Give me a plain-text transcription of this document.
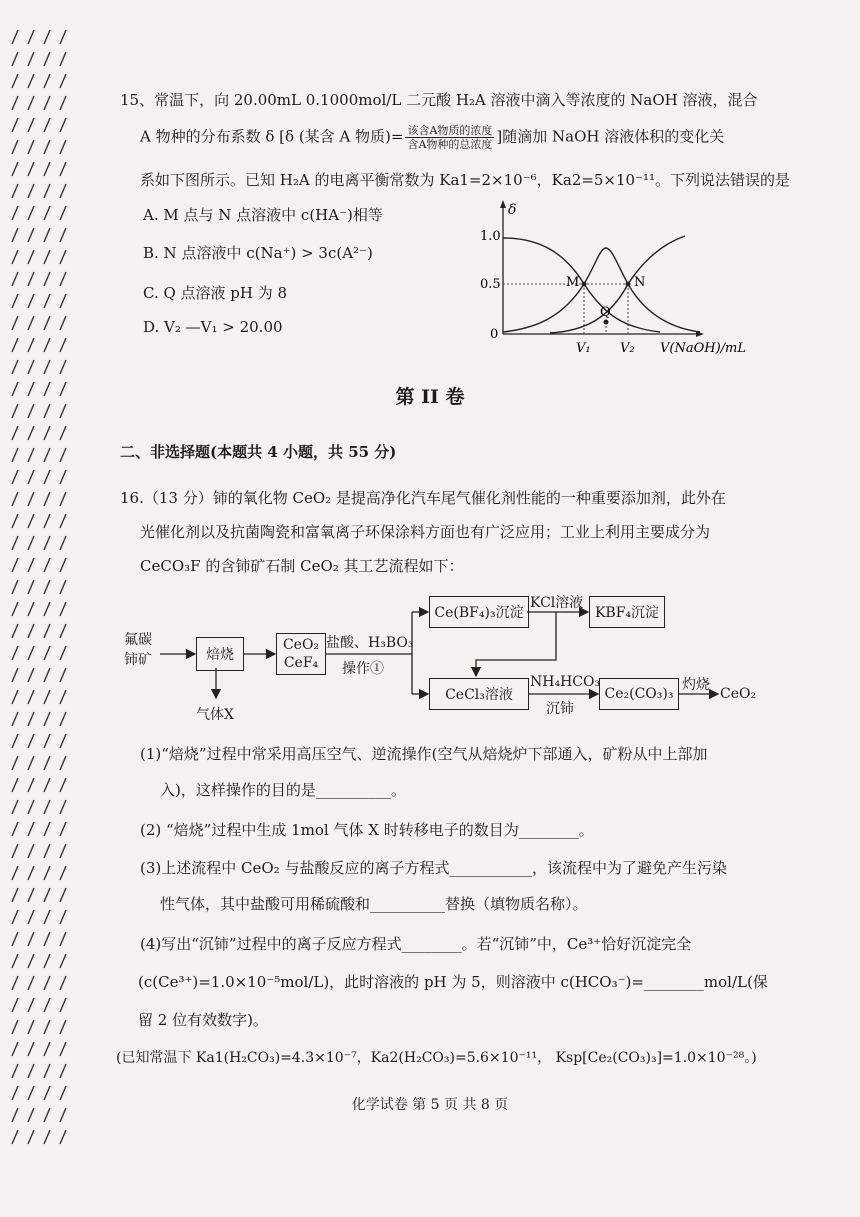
15、常温下，向 20.00mL 0.1000mol/L 二元酸 H₂A 溶液中滴入等浓度的 NaOH 溶液，混合
A 物种的分布系数 δ [δ (某含 A 物质)= $\frac{\text{该含A物质的浓度}}{\text{含A物种的总浓度}}$ ]随滴加 NaOH 溶液体积的变化关
系如下图所示。已知 H₂A 的电离平衡常数为 Ka1=2×10⁻⁶，Ka2=5×10⁻¹¹。下列说法错误的是
A. M 点与 N 点溶液中 c(HA⁻)相等
B. N 点溶液中 c(Na⁺) > 3c(A²⁻)
C. Q 点溶液 pH 为 8
D. V₂ —V₁ > 20.00
δ
1.0
0.5
0
M
Q
N
V₁ V₂ V(NaOH)/mL
第 II 卷
二、非选择题(本题共 4 小题，共 55 分)
16.（13 分）铈的氧化物 CeO₂ 是提高净化汽车尾气催化剂性能的一种重要添加剂，此外在
光催化剂以及抗菌陶瓷和富氧离子环保涂料方面也有广泛应用；工业上利用主要成分为
CeCO₃F 的含铈矿石制 CeO₂ 其工艺流程如下：
氟碳
铈矿	焙烧
气体X
CeO₂
CeF₄
盐酸、H₃BO₃
操作①
Ce(BF₄)₃沉淀
KCl溶液
KBF₄沉淀
CeCl₃溶液
NH₄HCO₃
沉铈
Ce₂(CO₃)₃
灼烧
CeO₂
(1)“焙烧”过程中常采用高压空气、逆流操作(空气从焙烧炉下部通入，矿粉从中上部加
入)，这样操作的目的是__________。
(2) “焙烧”过程中生成 1mol 气体 X 时转移电子的数目为________。
(3)上述流程中 CeO₂ 与盐酸反应的离子方程式___________，该流程中为了避免产生污染
性气体，其中盐酸可用稀硫酸和__________替换（填物质名称）。
(4)写出“沉铈”过程中的离子反应方程式________。若“沉铈”中，Ce³⁺恰好沉淀完全
(c(Ce³⁺)=1.0×10⁻⁵mol/L)，此时溶液的 pH 为 5，则溶液中 c(HCO₃⁻)=________mol/L(保
留 2 位有效数字)。
(已知常温下 Ka1(H₂CO₃)=4.3×10⁻⁷，Ka2(H₂CO₃)=5.6×10⁻¹¹， Ksp[Ce₂(CO₃)₃]=1.0×10⁻²⁸。)
化学试卷 第 5 页 共 8 页
